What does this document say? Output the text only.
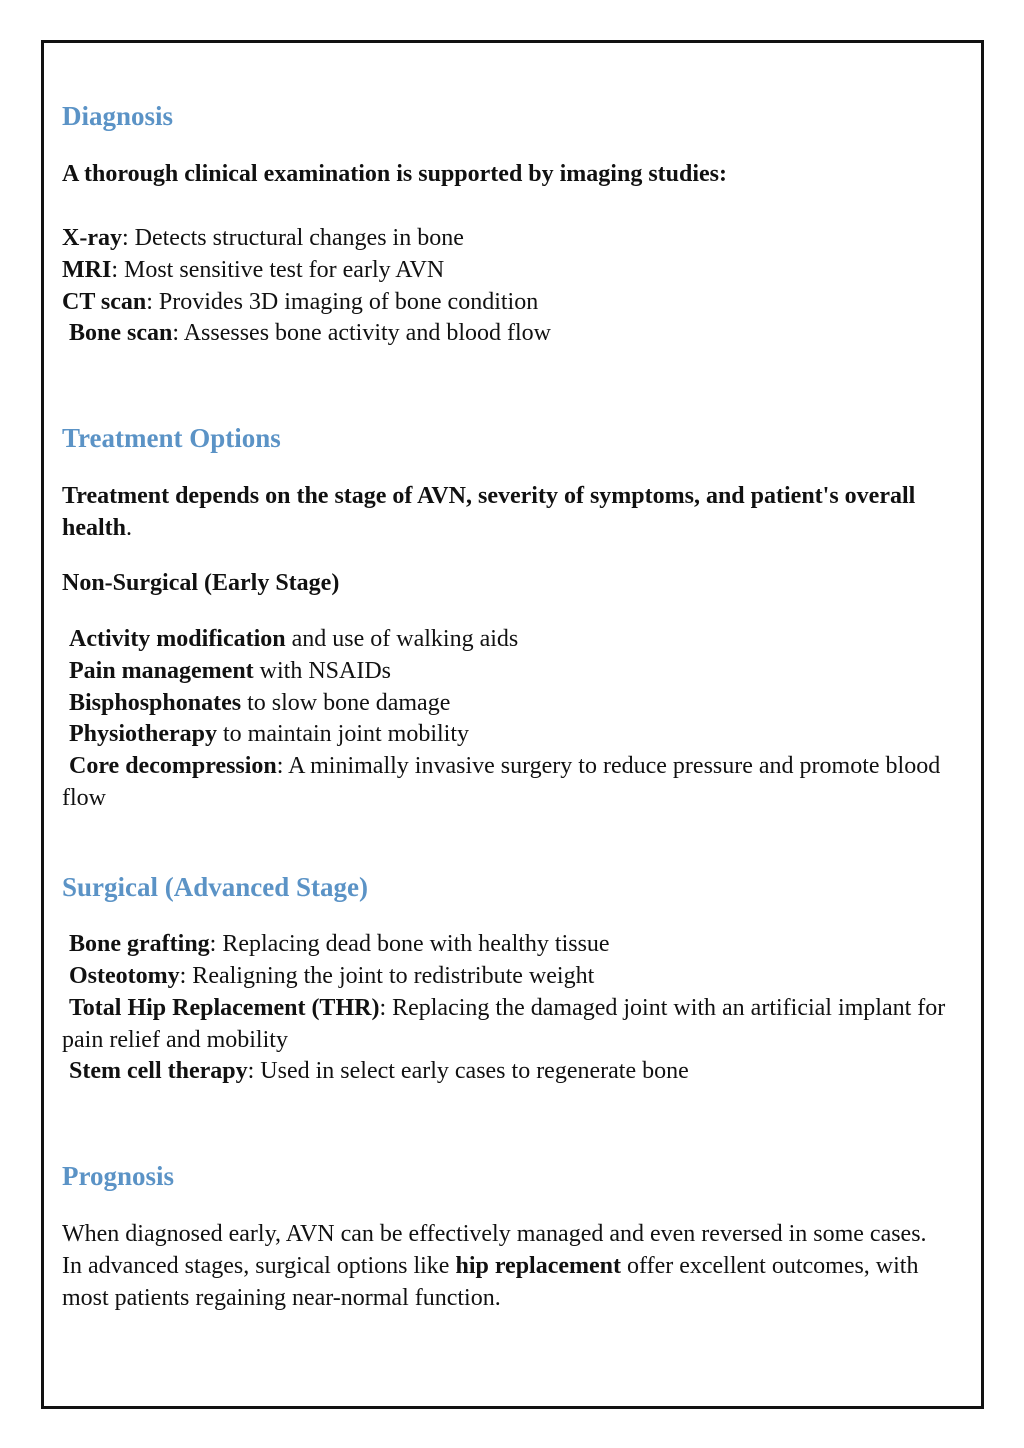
Diagnosis

A thorough clinical examination is supported by imaging studies:

X-ray: Detects structural changes in bone

MRI: Most sensitive test for early AVN

CT scan: Provides 3D imaging of bone condition

Bone scan: Assesses bone activity and blood flow

Treatment Options

Treatment depends on the stage of AVN, severity of symptoms, and patient's overall health.

Non-Surgical (Early Stage)

Activity modification and use of walking aids

Pain management with NSAIDs

Bisphosphonates to slow bone damage

Physiotherapy to maintain joint mobility

Core decompression: A minimally invasive surgery to reduce pressure and promote blood flow

Surgical (Advanced Stage)

Bone grafting: Replacing dead bone with healthy tissue

Osteotomy: Realigning the joint to redistribute weight

Total Hip Replacement (THR): Replacing the damaged joint with an artificial implant for pain relief and mobility

Stem cell therapy: Used in select early cases to regenerate bone

Prognosis

When diagnosed early, AVN can be effectively managed and even reversed in some cases. In advanced stages, surgical options like hip replacement offer excellent outcomes, with most patients regaining near-normal function.
